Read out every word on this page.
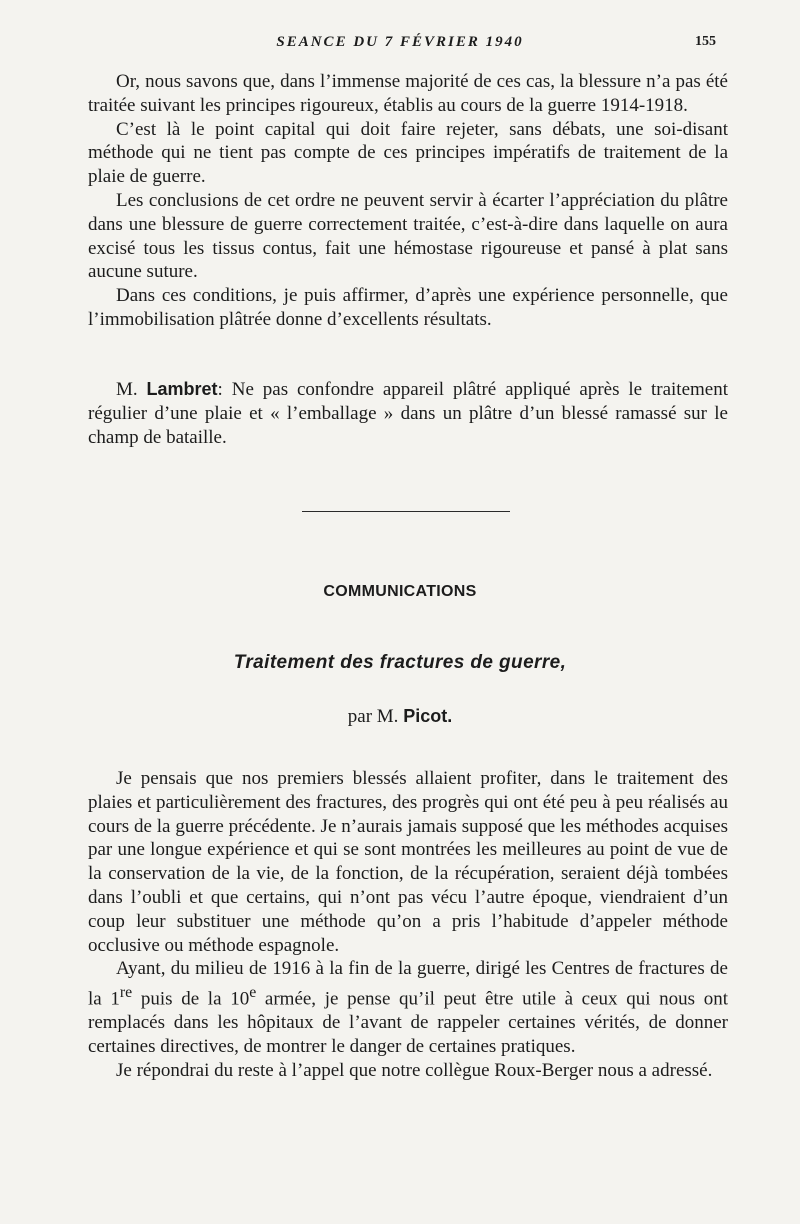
SEANCE DU 7 FÉVRIER 1940	155

Or, nous savons que, dans l’immense majorité de ces cas, la blessure n’a pas été traitée suivant les principes rigoureux, établis au cours de la guerre 1914-1918.

C’est là le point capital qui doit faire rejeter, sans débats, une soi-disant méthode qui ne tient pas compte de ces principes impératifs de traitement de la plaie de guerre.

Les conclusions de cet ordre ne peuvent servir à écarter l’appréciation du plâtre dans une blessure de guerre correctement traitée, c’est-à-dire dans laquelle on aura excisé tous les tissus contus, fait une hémostase rigoureuse et pansé à plat sans aucune suture.

Dans ces conditions, je puis affirmer, d’après une expérience personnelle, que l’immobilisation plâtrée donne d’excellents résultats.

M. Lambret: Ne pas confondre appareil plâtré appliqué après le traitement régulier d’une plaie et « l’emballage » dans un plâtre d’un blessé ramassé sur le champ de bataille.

COMMUNICATIONS
Traitement des fractures de guerre,
par M. Picot.

Je pensais que nos premiers blessés allaient profiter, dans le traitement des plaies et particulièrement des fractures, des progrès qui ont été peu à peu réalisés au cours de la guerre précédente. Je n’aurais jamais supposé que les méthodes acquises par une longue expérience et qui se sont montrées les meilleures au point de vue de la conservation de la vie, de la fonction, de la récupération, seraient déjà tombées dans l’oubli et que certains, qui n’ont pas vécu l’autre époque, viendraient d’un coup leur substituer une méthode qu’on a pris l’habitude d’appeler méthode occlusive ou méthode espagnole.

Ayant, du milieu de 1916 à la fin de la guerre, dirigé les Centres de fractures de la 1re puis de la 10e armée, je pense qu’il peut être utile à ceux qui nous ont remplacés dans les hôpitaux de l’avant de rappeler certaines vérités, de donner certaines directives, de montrer le danger de certaines pratiques.

Je répondrai du reste à l’appel que notre collègue Roux-Berger nous a adressé.
